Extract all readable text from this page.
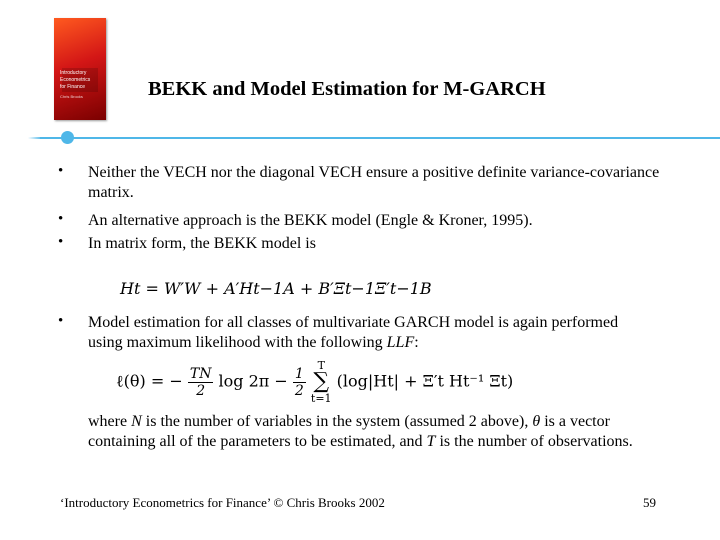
Introductory
Econometrics
for Finance
Chris Brooks	BEKK and Model Estimation for M-GARCH
• Neither the VECH nor the diagonal VECH ensure a positive definite variance-covariance matrix.
• An alternative approach is the BEKK model (Engle & Kroner, 1995).
• In matrix form, the BEKK model is
Ht = W′W + A′Ht−1A + B′Ξt−1Ξ′t−1B
• Model estimation for all classes of multivariate GARCH model is again performed using maximum likelihood with the following LLF:
ℓ(θ) = − $\frac{TN}{2}$ $\log 2\pi - \frac{1}{2}$
	T
∑
t=1
(log|Ht| + Ξ′t Ht⁻¹ Ξt)
where N is the number of variables in the system (assumed 2 above), θ is a vector containing all of the parameters to be estimated, and T is the number of observations.
‘Introductory Econometrics for Finance’ © Chris Brooks 2002	59
